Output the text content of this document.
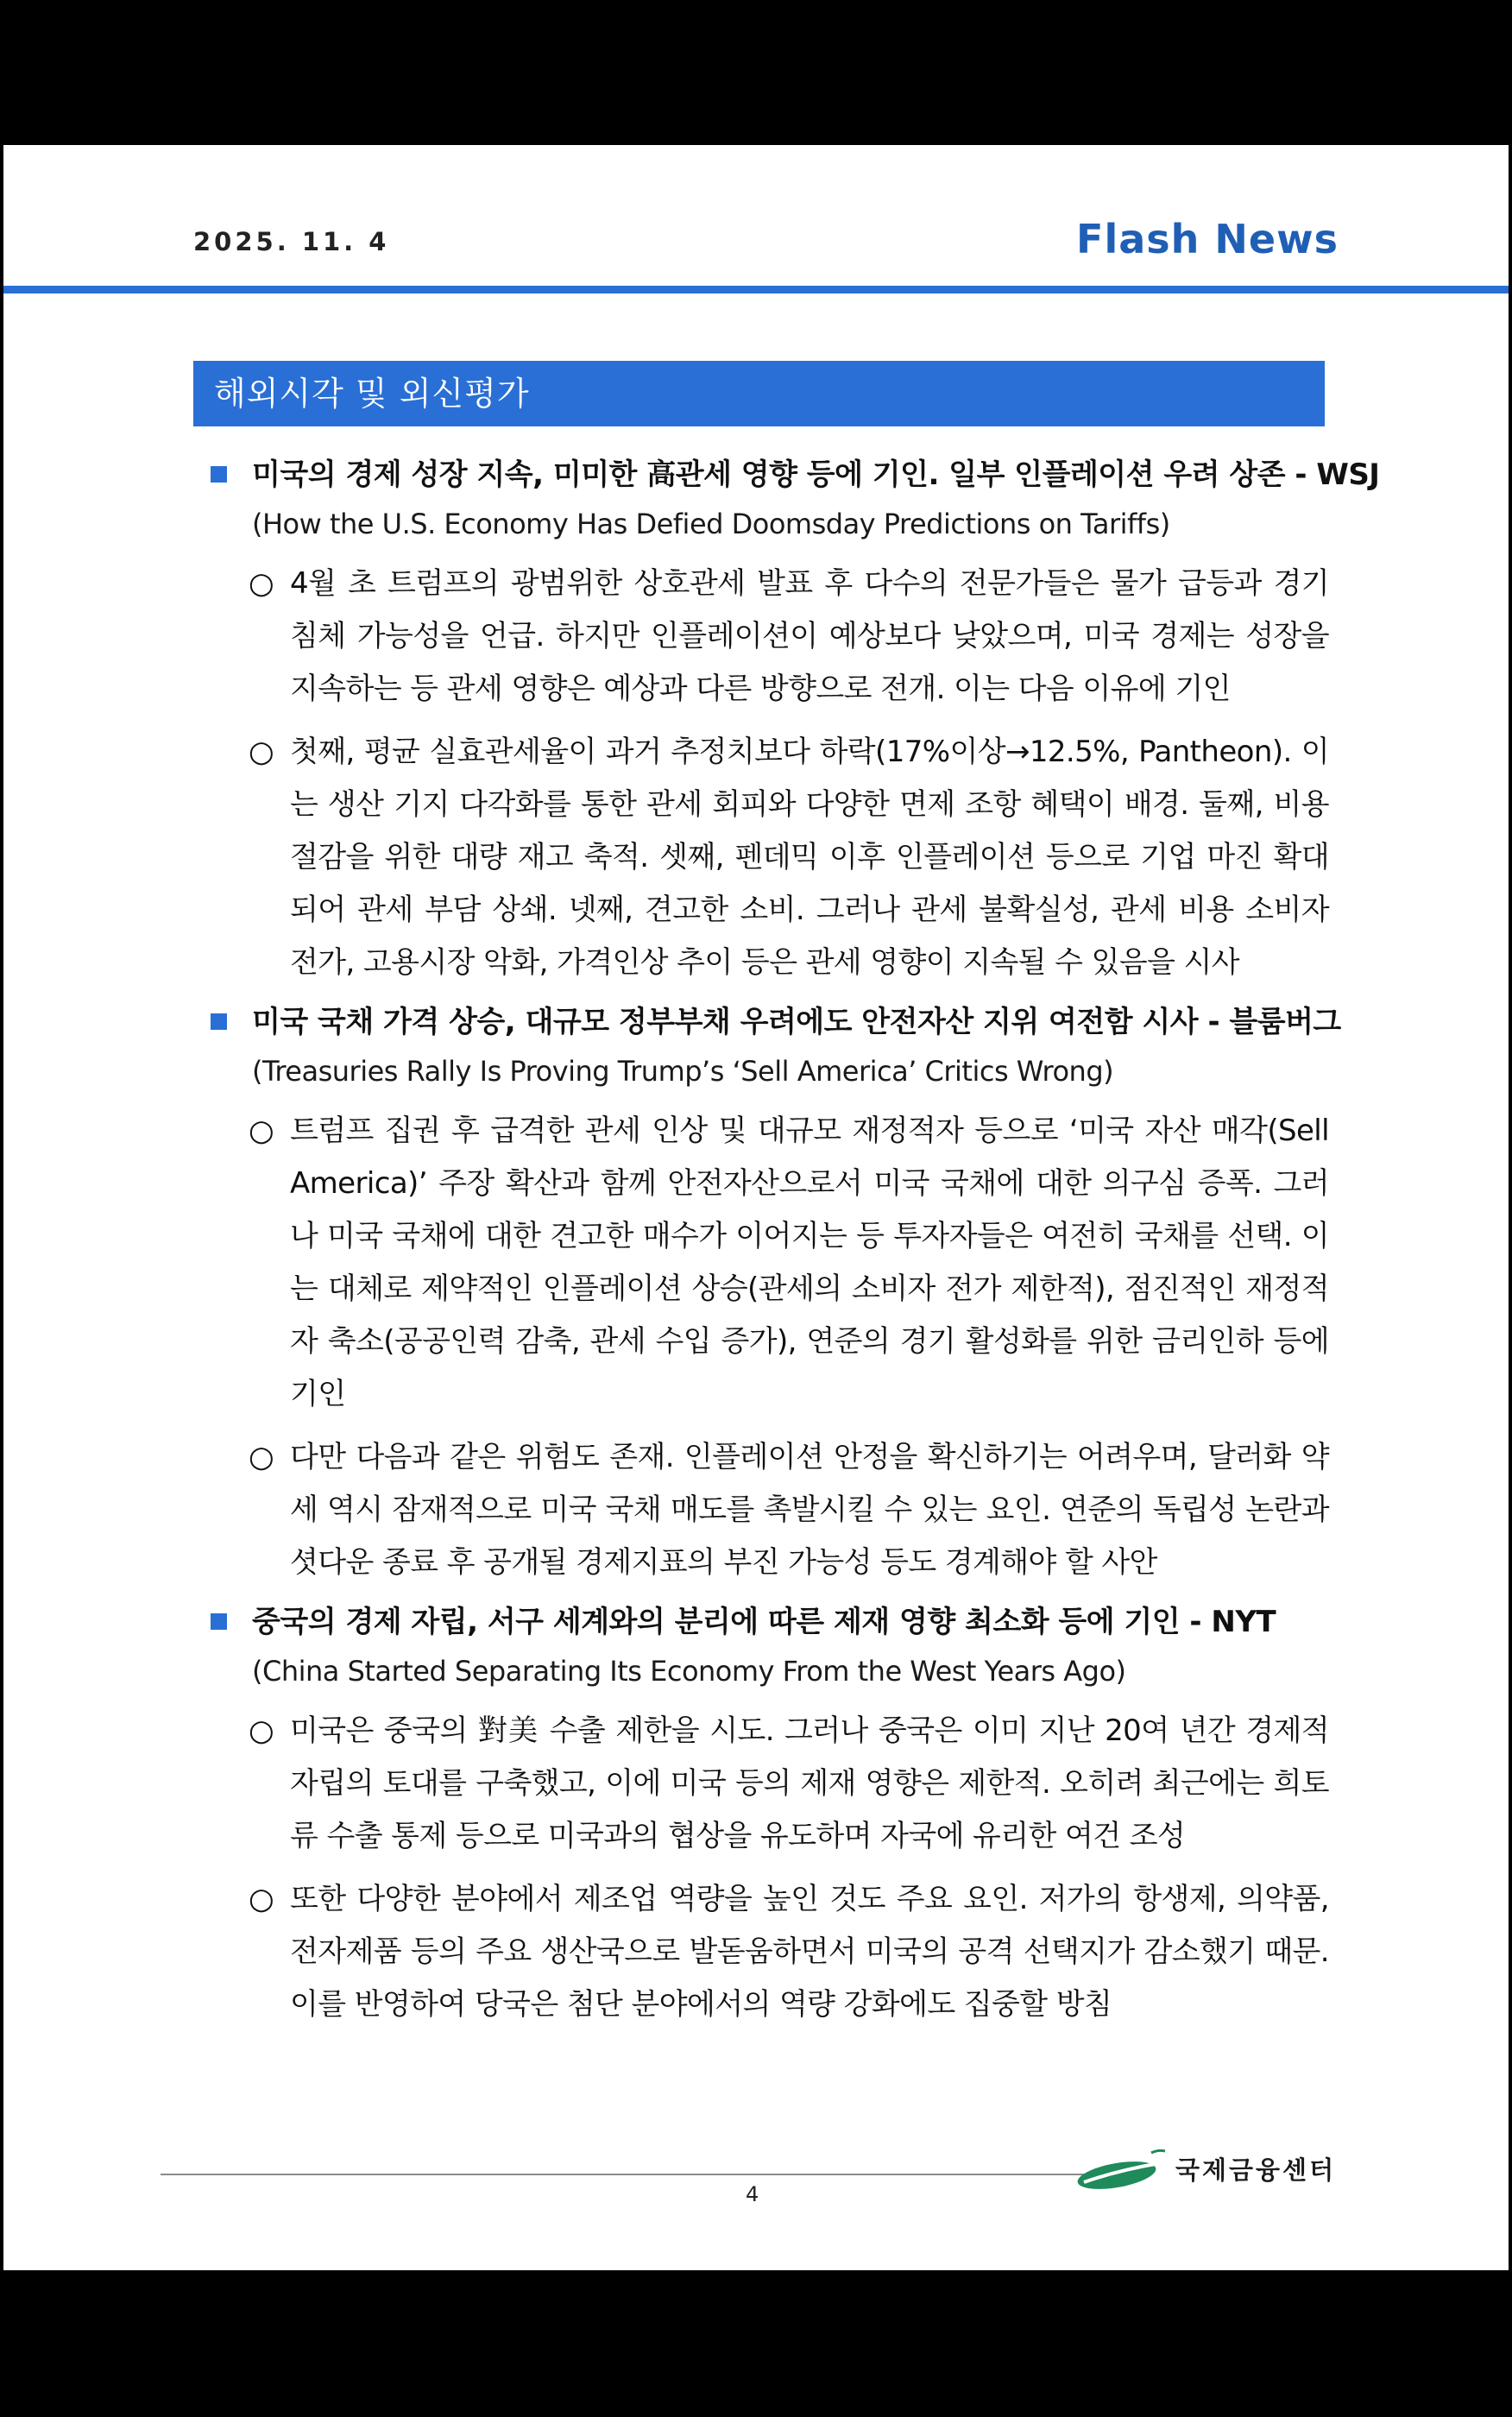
2025. 11. 4	Flash News
해외시각 및 외신평가
미국의 경제 성장 지속, 미미한 高관세 영향 등에 기인. 일부 인플레이션 우려 상존 - WSJ
(How the U.S. Economy Has Defied Doomsday Predictions on Tariffs)
○ 4월 초 트럼프의 광범위한 상호관세 발표 후 다수의 전문가들은 물가 급등과 경기 침체 가능성을 언급. 하지만 인플레이션이 예상보다 낮았으며, 미국 경제는 성장을 지속하는 등 관세 영향은 예상과 다른 방향으로 전개. 이는 다음 이유에 기인
○ 첫째, 평균 실효관세율이 과거 추정치보다 하락(17%이상→12.5%, Pantheon). 이는 생산 기지 다각화를 통한 관세 회피와 다양한 면제 조항 혜택이 배경. 둘째, 비용 절감을 위한 대량 재고 축적. 셋째, 펜데믹 이후 인플레이션 등으로 기업 마진 확대되어 관세 부담 상쇄. 넷째, 견고한 소비. 그러나 관세 불확실성, 관세 비용 소비자 전가, 고용시장 악화, 가격인상 추이 등은 관세 영향이 지속될 수 있음을 시사
미국 국채 가격 상승, 대규모 정부부채 우려에도 안전자산 지위 여전함 시사 - 블룸버그
(Treasuries Rally Is Proving Trump’s ‘Sell America’ Critics Wrong)
○ 트럼프 집권 후 급격한 관세 인상 및 대규모 재정적자 등으로 ‘미국 자산 매각(Sell America)’ 주장 확산과 함께 안전자산으로서 미국 국채에 대한 의구심 증폭. 그러나 미국 국채에 대한 견고한 매수가 이어지는 등 투자자들은 여전히 국채를 선택. 이는 대체로 제약적인 인플레이션 상승(관세의 소비자 전가 제한적), 점진적인 재정적자 축소(공공인력 감축, 관세 수입 증가), 연준의 경기 활성화를 위한 금리인하 등에 기인
○ 다만 다음과 같은 위험도 존재. 인플레이션 안정을 확신하기는 어려우며, 달러화 약세 역시 잠재적으로 미국 국채 매도를 촉발시킬 수 있는 요인. 연준의 독립성 논란과 셧다운 종료 후 공개될 경제지표의 부진 가능성 등도 경계해야 할 사안
중국의 경제 자립, 서구 세계와의 분리에 따른 제재 영향 최소화 등에 기인 - NYT
(China Started Separating Its Economy From the West Years Ago)
○ 미국은 중국의 對美 수출 제한을 시도. 그러나 중국은 이미 지난 20여 년간 경제적 자립의 토대를 구축했고, 이에 미국 등의 제재 영향은 제한적. 오히려 최근에는 희토류 수출 통제 등으로 미국과의 협상을 유도하며 자국에 유리한 여건 조성
○ 또한 다양한 분야에서 제조업 역량을 높인 것도 주요 요인. 저가의 항생제, 의약품, 전자제품 등의 주요 생산국으로 발돋움하면서 미국의 공격 선택지가 감소했기 때문. 이를 반영하여 당국은 첨단 분야에서의 역량 강화에도 집중할 방침
4
국제금융센터
